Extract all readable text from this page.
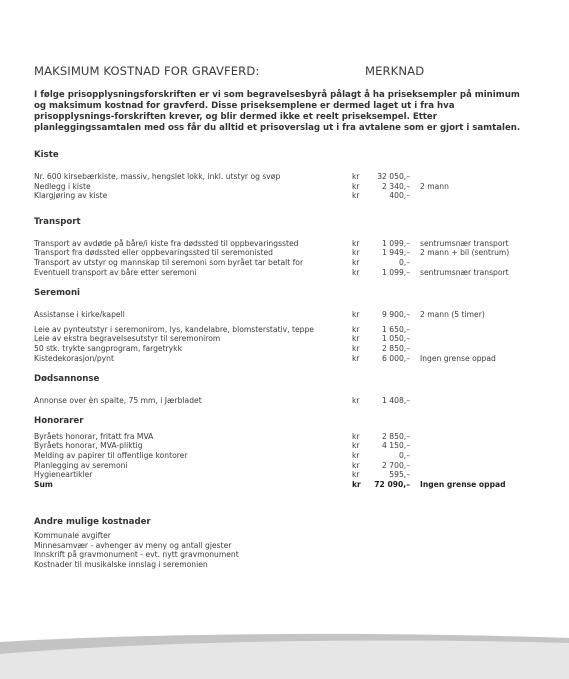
MAKSIMUM KOSTNAD FOR GRAVFERD:	MERKNAD
I følge prisopplysningsforskriften er vi som begravelsesbyrå pålagt å ha priseksempler på minimum og maksimum kostnad for gravferd. Disse priseksemplene er dermed laget ut i fra hva prisopplysnings-forskriften krever, og blir dermed ikke et reelt priseksempel. Etter planleggingssamtalen med oss får du alltid et prisoverslag ut i fra avtalene som er gjort i samtalen.
Kiste
Nr. 600 kirsebærkiste, massiv, hengslet lokk, inkl. utstyr og svøp	kr	32 050,–
Nedlegg i kiste	kr	2 340,– 2 mann
Klargjøring av kiste	kr	400,–
Transport
Transport av avdøde på båre/i kiste fra dødssted til oppbevaringssted	kr	1 099,– sentrumsnær transport
Transport fra dødssted eller oppbevaringssted til seremonisted	kr	1 949,– 2 mann + bil (sentrum)
Transport av utstyr og mannskap til seremoni som byrået tar betalt for	kr	0,–
Eventuell transport av båre etter seremoni	kr	1 099,– sentrumsnær transport
Seremoni
Assistanse i kirke/kapell	kr	9 900,– 2 mann (5 timer)
Leie av pynteutstyr i seremonirom, lys, kandelabre, blomsterstativ, teppe	kr	1 650,–
Leie av ekstra begravelsesutstyr til seremonirom	kr	1 050,–
50 stk. trykte sangprogram, fargetrykk	kr	2 850,–
Kistedekorasjon/pynt	kr	6 000,– Ingen grense oppad
Dødsannonse
Annonse over èn spalte, 75 mm, i Jærbladet	kr	1 408,–
Honorarer
Byråets honorar, fritatt fra MVA	kr	2 850,–
Byråets honorar, MVA-pliktig	kr	4 150,–
Melding av papirer til offentlige kontorer	kr	0,–
Planlegging av seremoni	kr	2 700,–
Hygieneartikler	kr	595,–
Sum	kr	72 090,– Ingen grense oppad
Andre mulige kostnader
Kommunale avgifter
Minnesamvær - avhenger av meny og antall gjester
Innskrift på gravmonument - evt. nytt gravmonument
Kostnader til musikalske innslag i seremonien
